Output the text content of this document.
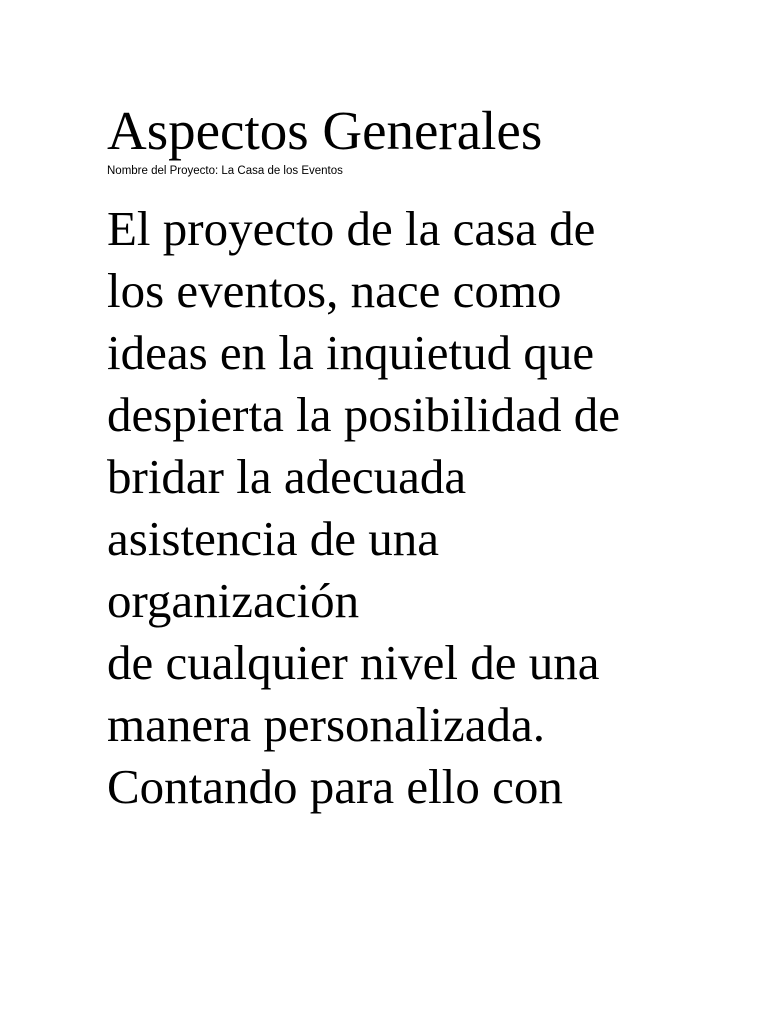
Aspectos Generales

Nombre del Proyecto: La Casa de los Eventos

El proyecto de la casa de
los eventos, nace como
ideas en la inquietud que
despierta la posibilidad de
bridar la adecuada
asistencia de una
organización
de cualquier nivel de una
manera personalizada.
Contando para ello con
